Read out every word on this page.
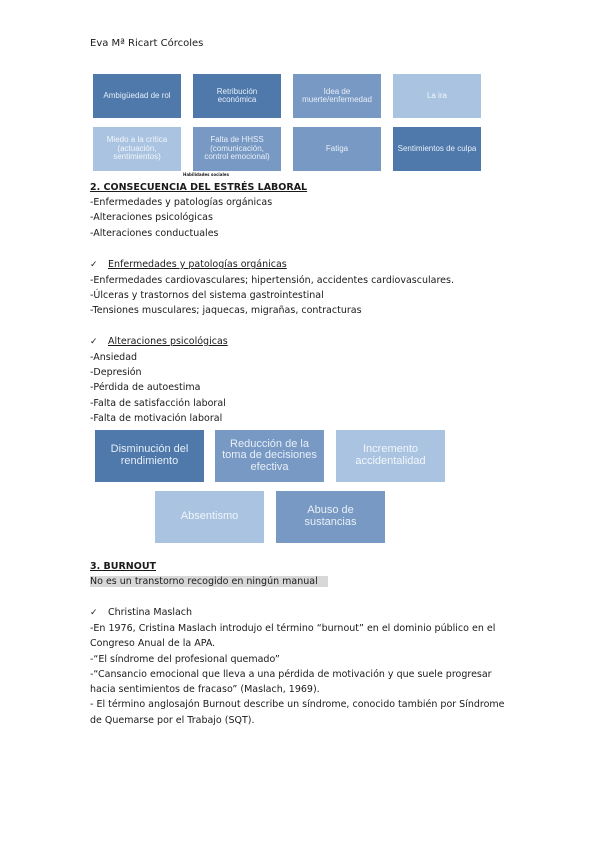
Eva Mª Ricart Córcoles
Ambigüedad de rol	Retribución económica
Idea de muerte/enfermedad	La ira
Miedo a la crítica (actuación, sentimientos)
Falta de HHSS (comunicación, control emocional)
Fatiga	Sentimientos de culpa
Habilidades sociales
2. CONSECUENCIA DEL ESTRÉS LABORAL
-Enfermedades y patologías orgánicas
-Alteraciones psicológicas
-Alteraciones conductuales
✓ Enfermedades y patologías orgánicas
-Enfermedades cardiovasculares; hipertensión, accidentes cardiovasculares.
-Úlceras y trastornos del sistema gastrointestinal
-Tensiones musculares; jaquecas, migrañas, contracturas
✓ Alteraciones psicológicas
-Ansiedad
-Depresión
-Pérdida de autoestima
-Falta de satisfacción laboral
-Falta de motivación laboral
Disminución del rendimiento
Reducción de la toma de decisiones efectiva
Incremento accidentalidad
Absentismo	Abuso de sustancias
3. BURNOUT
No es un transtorno recogido en ningún manual
✓ Christina Maslach

-En 1976, Cristina Maslach introdujo el término “burnout” en el dominio público en el Congreso Anual de la APA.

-“El síndrome del profesional quemado”

-“Cansancio emocional que lleva a una pérdida de motivación y que suele progresar hacia sentimientos de fracaso” (Maslach, 1969).

- El término anglosajón Burnout describe un síndrome, conocido también por Síndrome de Quemarse por el Trabajo (SQT).
